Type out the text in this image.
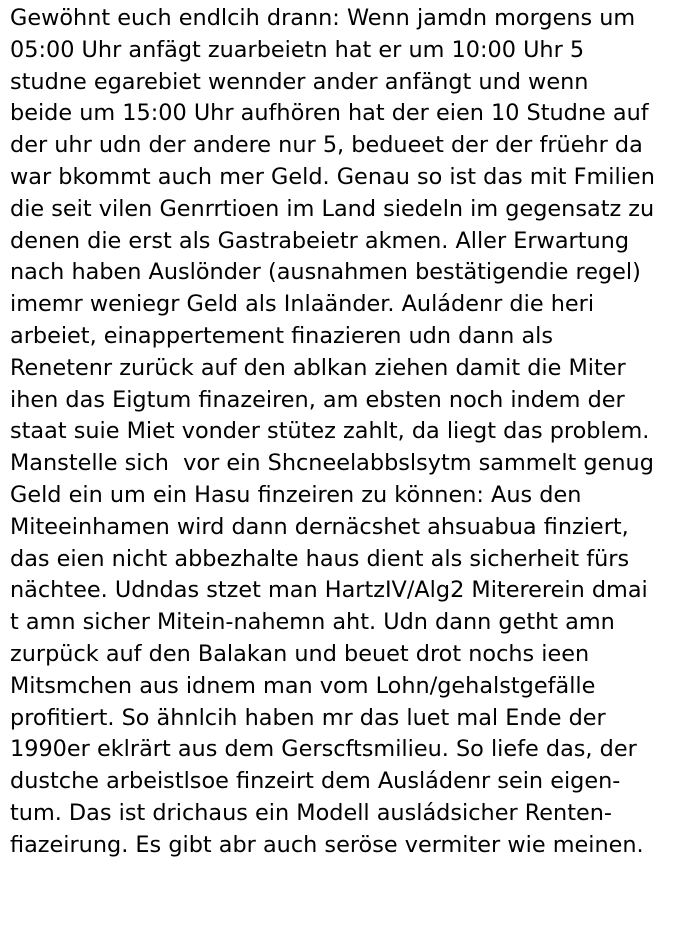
Gewöhnt euch endlcih drann: Wenn jamdn morgens um
05:00 Uhr anfägt zuarbeietn hat er um 10:00 Uhr 5
studne egarebiet wennder ander anfängt und wenn
beide um 15:00 Uhr aufhören hat der eien 10 Studne auf
der uhr udn der andere nur 5, bedueet der der früehr da
war bkommt auch mer Geld. Genau so ist das mit Fmilien
die seit vilen Genrrtioen im Land siedeln im gegensatz zu
denen die erst als Gastrabeietr akmen. Aller Erwartung
nach haben Auslönder (ausnahmen bestätigendie regel)
imemr weniegr Geld als Inlaänder. Auládenr die heri
arbeiet, einappertement finazieren udn dann als
Renetenr zurück auf den ablkan ziehen damit die Miter
ihen das Eigtum finazeiren, am ebsten noch indem der
staat suie Miet vonder stütez zahlt, da liegt das problem.
Manstelle sich  vor ein Shcneelabbslsytm sammelt genug
Geld ein um ein Hasu finzeiren zu können: Aus den
Miteeinhamen wird dann dernäcshet ahsuabua finziert,
das eien nicht abbezhalte haus dient als sicherheit fürs
nächtee. Udndas stzet man HartzIV/Alg2 Mitererein dmai
t amn sicher Mitein-nahemn aht. Udn dann getht amn
zurpück auf den Balakan und beuet drot nochs ieen
Mitsmchen aus idnem man vom Lohn/gehalstgefälle
profitiert. So ähnlcih haben mr das luet mal Ende der
1990er eklrärt aus dem Gerscftsmilieu. So liefe das, der
dustche arbeistlsoe finzeirt dem Ausládenr sein eigen-
tum. Das ist drichaus ein Modell ausládsicher Renten-
fiazeirung. Es gibt abr auch seröse vermiter wie meinen.
